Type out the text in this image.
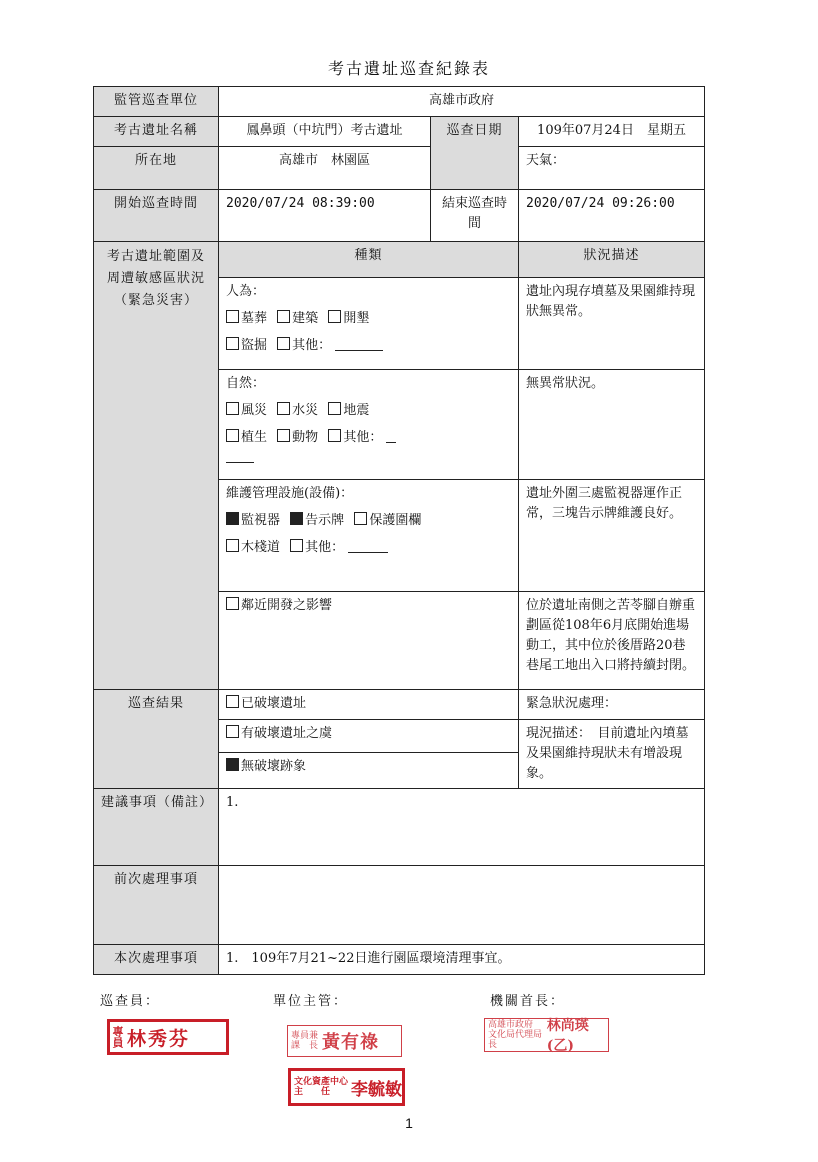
考古遺址巡查紀錄表
監管巡查單位	高雄市政府		
考古遺址名稱	鳳鼻頭（中坑門）考古遺址	巡查日期	109年07月24日　星期五
所在地	高雄市　林園區		天氣：
開始巡查時間	2020/07/24 08:39:00	結束巡查時間	2020/07/24 09:26:00
考古遺址範圍及周遭敏感區狀況（緊急災害）	種類		狀況描述

	人為：
墓葬 建築 開墾
盜掘 其他：		遺址內現存墳墓及果園維持現狀無異常。

	自然：
風災 水災 地震
植生 動物 其他：		無異常狀況。

	維護管理設施(設備)：
監視器 告示牌 保護圍欄
木棧道 其他：		遺址外圍三處監視器運作正常，三塊告示牌維護良好。
	鄰近開發之影響		位於遺址南側之苦苓腳自辦重劃區從108年6月底開始進場動工，其中位於後厝路20巷巷尾工地出入口將持續封閉。
巡查結果	已破壞遺址		緊急狀況處理：
	有破壞遺址之虞		現況描述：　目前遺址內墳墓及果園維持現狀未有增設現象。
	無破壞跡象		
建議事項（備註）	1.		
前次處理事項			
本次處理事項	1.　109年7月21~22日進行園區環境清理事宜。		
巡查員：	單位主管：	機關首長：
專員 林秀芬	專員兼
課　長 黃有祿
高雄市政府
文化局代理局長
林尚瑛(乙)
文化資產中心
主　　任	李毓敏
1
